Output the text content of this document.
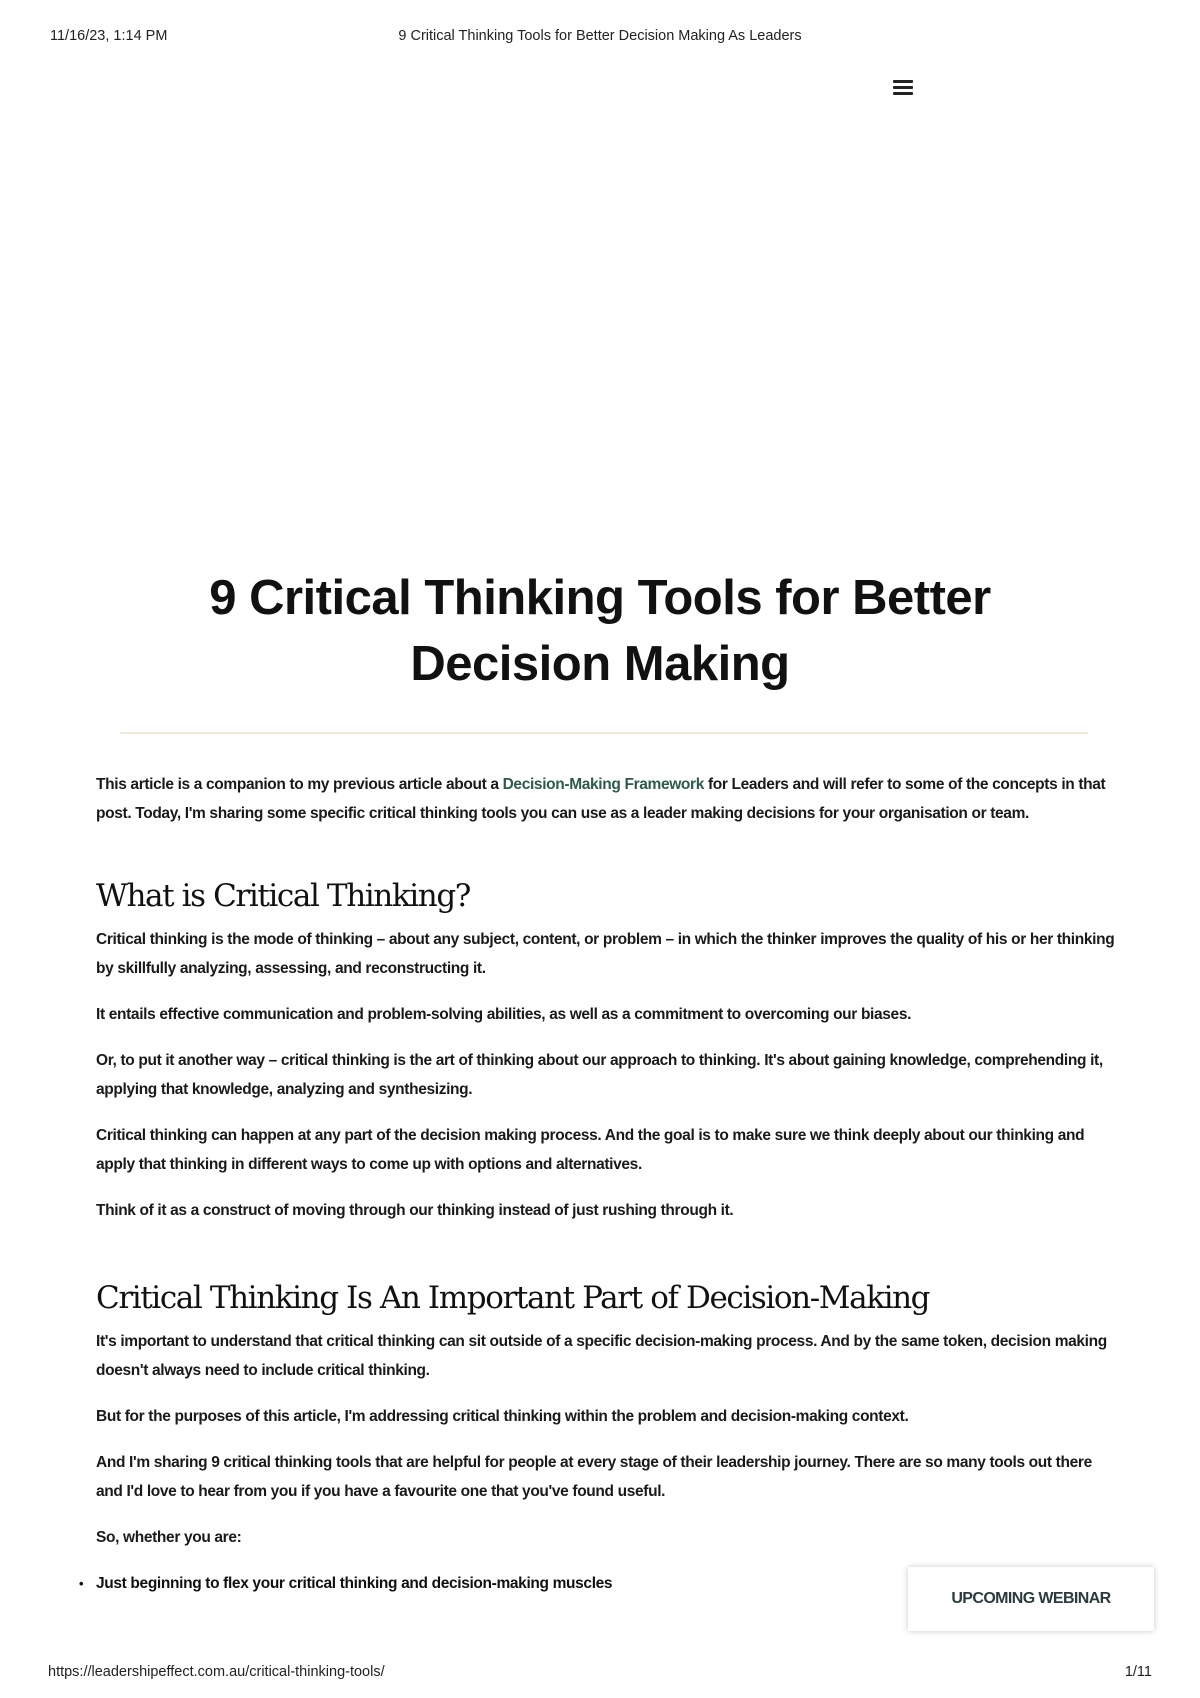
11/16/23, 1:14 PM	9 Critical Thinking Tools for Better Decision Making As Leaders
9 Critical Thinking Tools for Better
Decision Making

This article is a companion to my previous article about a Decision-Making Framework for Leaders and will refer to some of the concepts in that post. Today, I'm sharing some specific critical thinking tools you can use as a leader making decisions for your organisation or team.

What is Critical Thinking?

Critical thinking is the mode of thinking – about any subject, content, or problem – in which the thinker improves the quality of his or her thinking by skillfully analyzing, assessing, and reconstructing it.

It entails effective communication and problem-solving abilities, as well as a commitment to overcoming our biases.

Or, to put it another way – critical thinking is the art of thinking about our approach to thinking. It's about gaining knowledge, comprehending it, applying that knowledge, analyzing and synthesizing.

Critical thinking can happen at any part of the decision making process. And the goal is to make sure we think deeply about our thinking and apply that thinking in different ways to come up with options and alternatives.

Think of it as a construct of moving through our thinking instead of just rushing through it.

Critical Thinking Is An Important Part of Decision-Making

It's important to understand that critical thinking can sit outside of a specific decision-making process. And by the same token, decision making doesn't always need to include critical thinking.

But for the purposes of this article, I'm addressing critical thinking within the problem and decision-making context.

And I'm sharing 9 critical thinking tools that are helpful for people at every stage of their leadership journey. There are so many tools out there and I'd love to hear from you if you have a favourite one that you've found useful.

So, whether you are:

• Just beginning to flex your critical thinking and decision-making muscles
UPCOMING WEBINAR
https://leadershipeffect.com.au/critical-thinking-tools/	1/11
